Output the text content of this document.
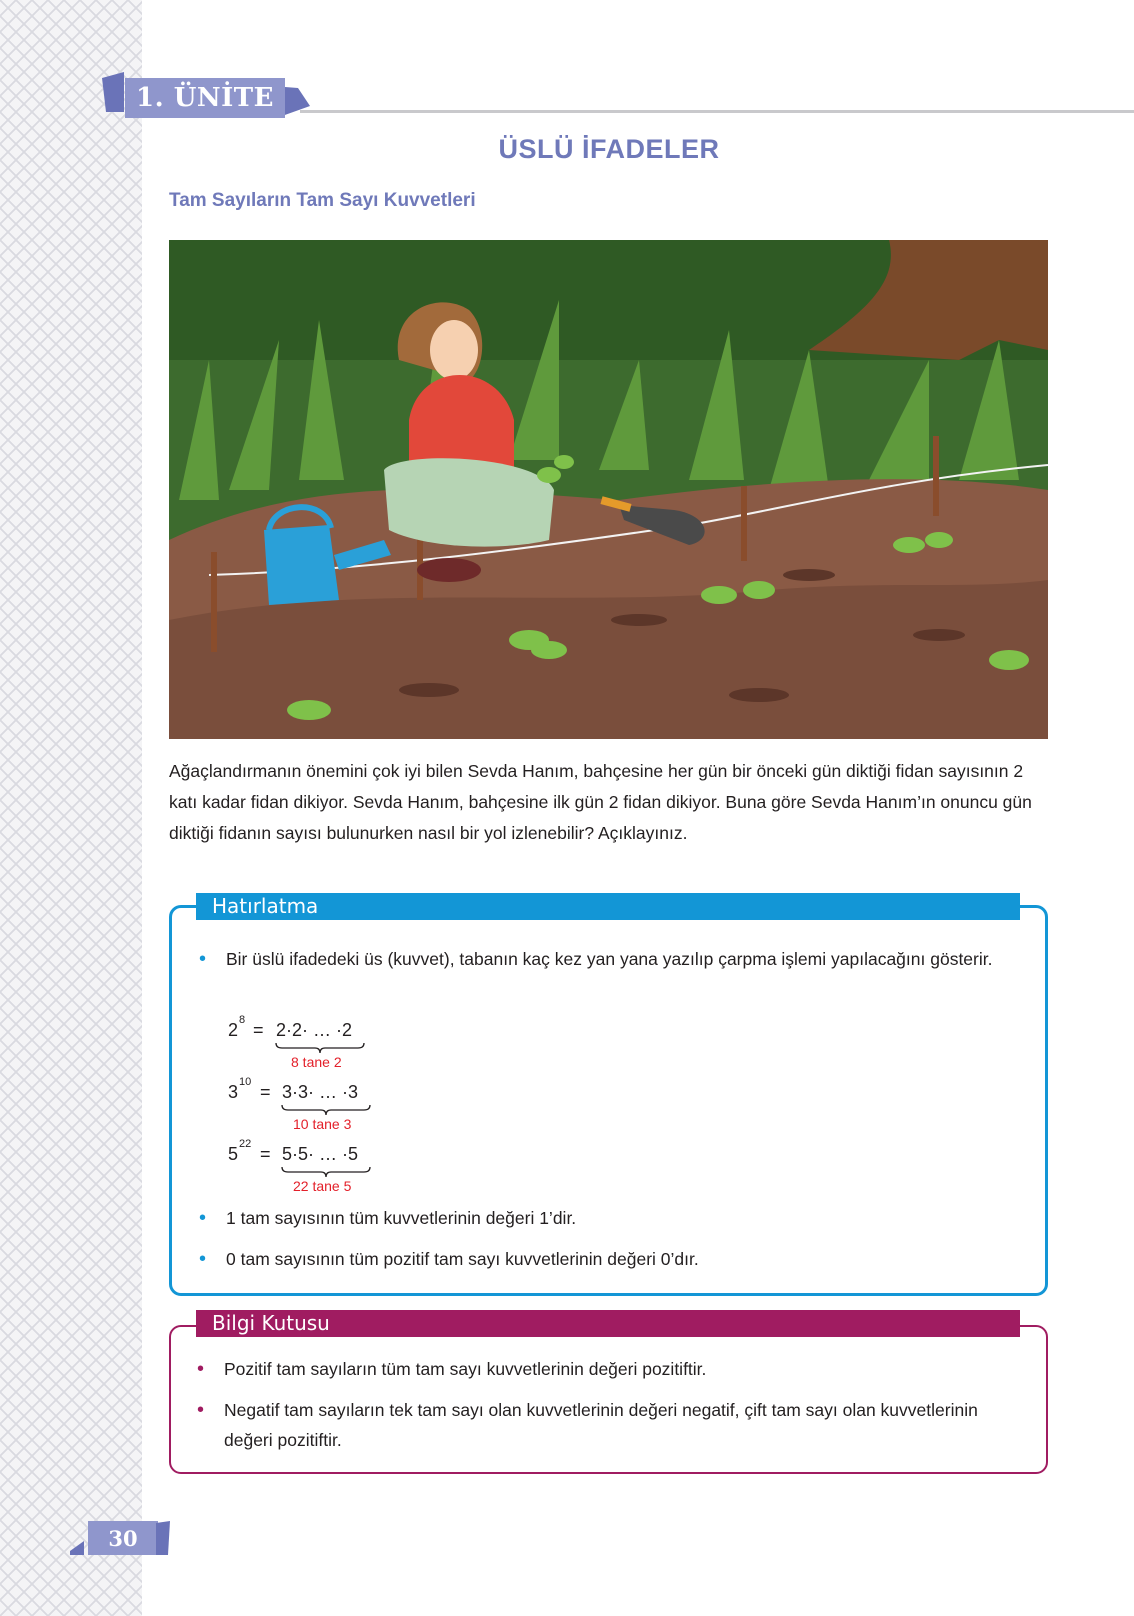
1. ÜNİTE
ÜSLÜ İFADELER
Tam Sayıların Tam Sayı Kuvvetleri
Ağaçlandırmanın önemini çok iyi bilen Sevda Hanım, bahçesine her gün bir önceki gün diktiği fidan sayısının 2 katı kadar fidan dikiyor. Sevda Hanım, bahçesine ilk gün 2 fidan dikiyor. Buna göre Sevda Hanım’ın onuncu gün diktiği fidanın sayısı bulunurken nasıl bir yol izlenebilir? Açıklayınız.
Hatırlatma
• Bir üslü ifadedeki üs (kuvvet), tabanın kaç kez yan yana yazılıp çarpma işlemi yapılacağını gösterir.
2 8 = 2·2· … ·2
8 tane 2
3 10 = 3·3· … ·3
10 tane 3
5 22 = 5·5· … ·5
22 tane 5
• 1 tam sayısının tüm kuvvetlerinin değeri 1’dir.
• 0 tam sayısının tüm pozitif tam sayı kuvvetlerinin değeri 0’dır.
Bilgi Kutusu
• Pozitif tam sayıların tüm tam sayı kuvvetlerinin değeri pozitiftir.
• Negatif tam sayıların tek tam sayı olan kuvvetlerinin değeri negatif, çift tam sayı olan kuvvetlerinin değeri pozitiftir.
30
